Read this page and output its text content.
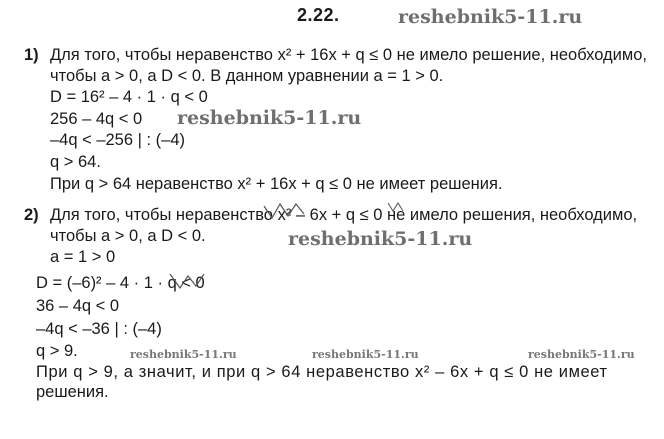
2.22.	reshebnik5-11.ru
reshebnik5-11.ru
reshebnik5-11.ru
reshebnik5-11.ru	reshebnik5-11.ru	reshebnik5-11.ru
1) Для того, чтобы неравенство x² + 16x + q ≤ 0 не имело решение, необходимо,
чтобы a > 0, а D < 0. В данном уравнении a = 1 > 0.
D = 16² – 4 · 1 · q < 0
256 – 4q < 0
–4q < –256 | : (–4)
q > 64.
При q > 64 неравенство x² + 16x + q ≤ 0 не имеет решения.
2) Для того, чтобы неравенство x² – 6x + q ≤ 0 не имело решения, необходимо,
чтобы a > 0, а D < 0.
a = 1 > 0
D = (–6)² – 4 · 1 · q < 0
36 – 4q < 0
–4q < –36 | : (–4)
q > 9.
При q > 9, а значит, и при q > 64 неравенство x² – 6x + q ≤ 0 не имеет
решения.
